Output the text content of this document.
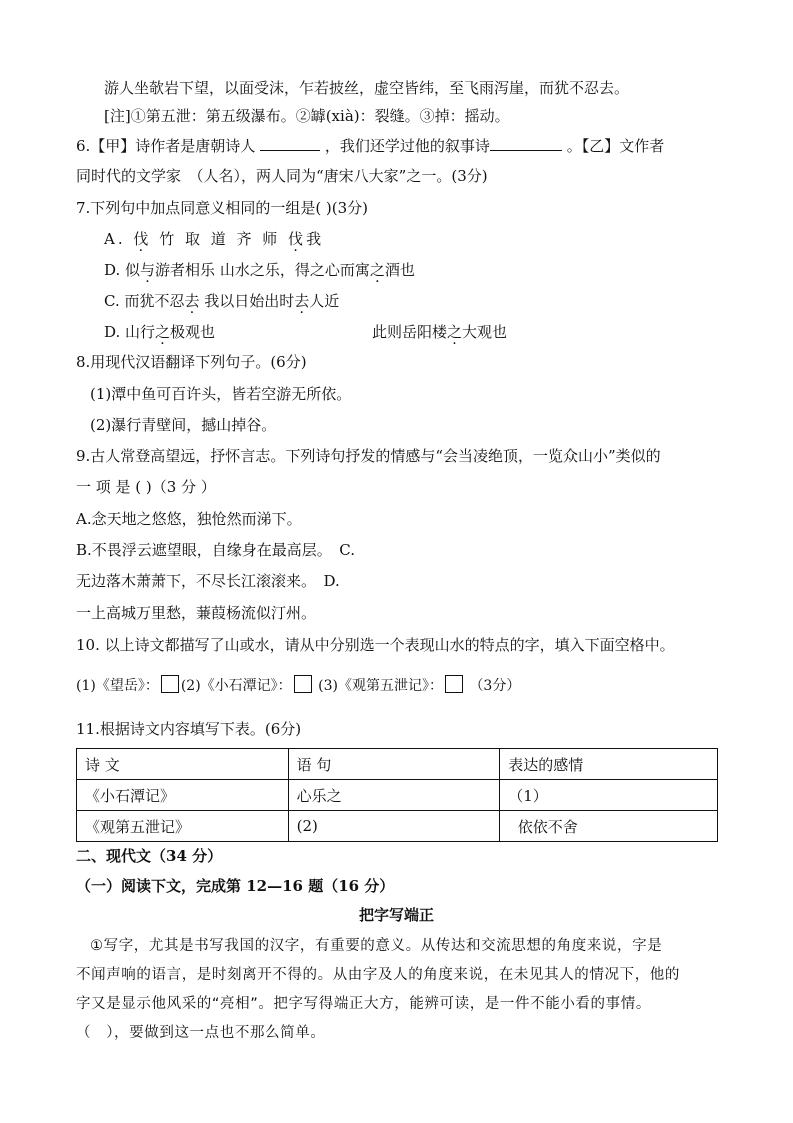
游人坐欹岩下望，以面受沫，乍若披丝，虚空皆纬，至飞雨泻崖，而犹不忍去。
[注]①第五泄：第五级瀑布。②罅(xià)：裂缝。③掉：摇动。
6.【甲】诗作者是唐朝诗人	，我们还学过他的叙事诗	。【乙】文作者
同时代的文学家　（人名），两人同为“唐宋八大家”之一。(3分)
7.下列句中加点同意义相同的一组是( )(3分)
A. 伐 竹 取 道 齐 师 伐我
D. 似与游者相乐 山水之乐，得之心而寓之酒也
C. 而犹不忍去 我以日始出时去人近
D. 山行之极观也	此则岳阳楼之大观也
8.用现代汉语翻译下列句子。(6分)
(1)潭中鱼可百许头，皆若空游无所依。
(2)瀑行青壁间，撼山掉谷。
9.古人常登高望远，抒怀言志。下列诗句抒发的情感与“会当凌绝顶，一览众山小”类似的
一 项 是 ( )（3 分 ）
A.念天地之悠悠，独怆然而涕下。
B.不畏浮云遮望眼，自缘身在最高层。　C.
无边落木萧萧下，不尽长江滚滚来。　D.
一上高城万里愁，蒹葭杨流似汀州。
10. 以上诗文都描写了山或水，请从中分别选一个表现山水的特点的字，填入下面空格中。
(1)《望岳》： (2)《小石潭记》： (3)《观第五泄记》： （3分）
11.根据诗文内容填写下表。(6分)
诗 文	语 句	表达的感情
《小石潭记》	心乐之	（1）
《观第五泄记》	(2)	依依不舍
二、现代文（34 分）
（一）阅读下文，完成第 12—16 题（16 分）
把字写端正
①写字，尤其是书写我国的汉字，有重要的意义。从传达和交流思想的角度来说，字是
不闻声响的语言，是时刻离开不得的。从由字及人的角度来说，在未见其人的情况下，他的
字又是显示他风采的“亮相”。把字写得端正大方，能辨可读，是一件不能小看的事情。
（　），要做到这一点也不那么简单。
